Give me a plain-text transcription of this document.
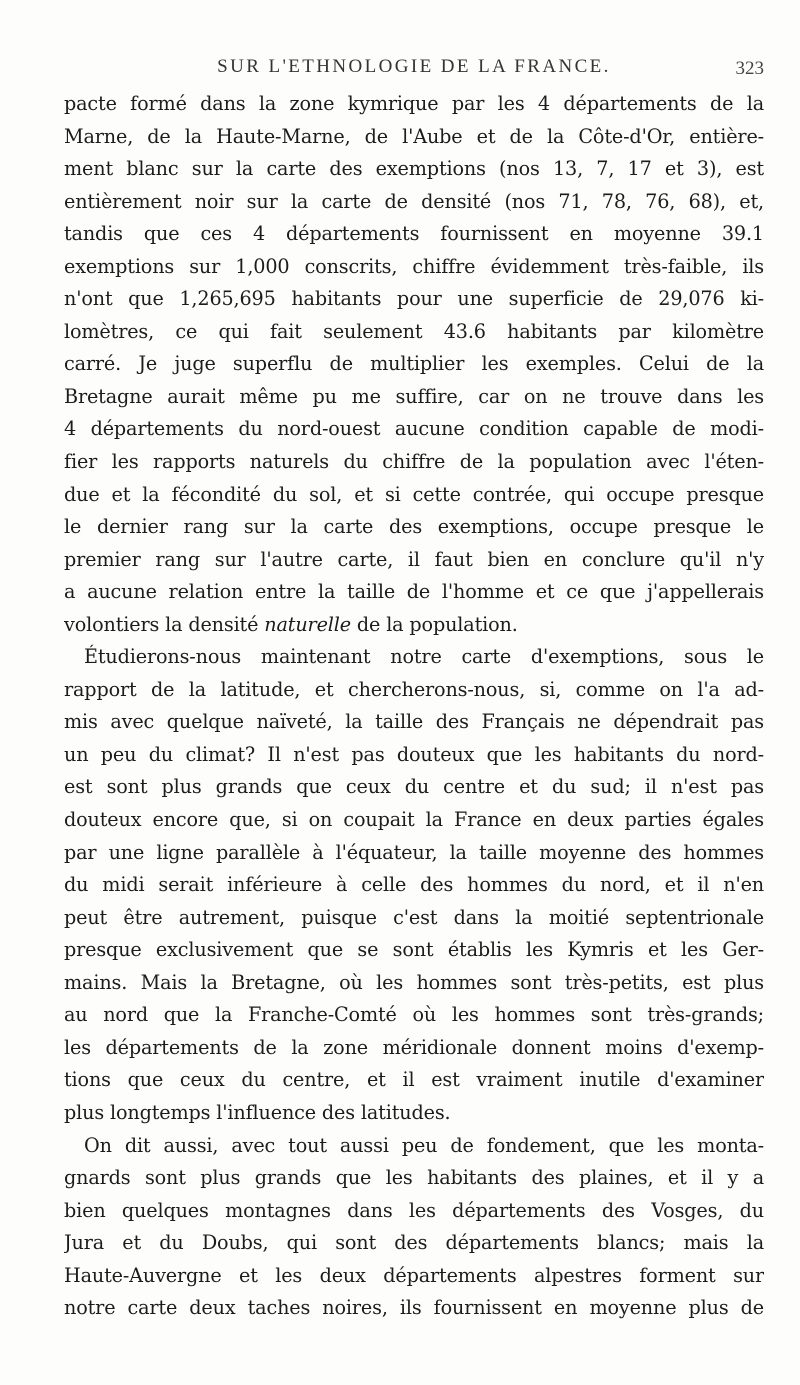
SUR L'ETHNOLOGIE DE LA FRANCE.	323
pacte formé dans la zone kymrique par les 4 départements de la
Marne, de la Haute-Marne, de l'Aube et de la Côte-d'Or, entière-
ment blanc sur la carte des exemptions (nos 13, 7, 17 et 3), est
entièrement noir sur la carte de densité (nos 71, 78, 76, 68), et,
tandis que ces 4 départements fournissent en moyenne 39.1
exemptions sur 1,000 conscrits, chiffre évidemment très-faible, ils
n'ont que 1,265,695 habitants pour une superficie de 29,076 ki-
lomètres, ce qui fait seulement 43.6 habitants par kilomètre
carré. Je juge superflu de multiplier les exemples. Celui de la
Bretagne aurait même pu me suffire, car on ne trouve dans les
4 départements du nord-ouest aucune condition capable de modi-
fier les rapports naturels du chiffre de la population avec l'éten-
due et la fécondité du sol, et si cette contrée, qui occupe presque
le dernier rang sur la carte des exemptions, occupe presque le
premier rang sur l'autre carte, il faut bien en conclure qu'il n'y
a aucune relation entre la taille de l'homme et ce que j'appellerais
volontiers la densité naturelle de la population.
Étudierons-nous maintenant notre carte d'exemptions, sous le
rapport de la latitude, et chercherons-nous, si, comme on l'a ad-
mis avec quelque naïveté, la taille des Français ne dépendrait pas
un peu du climat? Il n'est pas douteux que les habitants du nord-
est sont plus grands que ceux du centre et du sud; il n'est pas
douteux encore que, si on coupait la France en deux parties égales
par une ligne parallèle à l'équateur, la taille moyenne des hommes
du midi serait inférieure à celle des hommes du nord, et il n'en
peut être autrement, puisque c'est dans la moitié septentrionale
presque exclusivement que se sont établis les Kymris et les Ger-
mains. Mais la Bretagne, où les hommes sont très-petits, est plus
au nord que la Franche-Comté où les hommes sont très-grands;
les départements de la zone méridionale donnent moins d'exemp-
tions que ceux du centre, et il est vraiment inutile d'examiner
plus longtemps l'influence des latitudes.
On dit aussi, avec tout aussi peu de fondement, que les monta-
gnards sont plus grands que les habitants des plaines, et il y a
bien quelques montagnes dans les départements des Vosges, du
Jura et du Doubs, qui sont des départements blancs; mais la
Haute-Auvergne et les deux départements alpestres forment sur
notre carte deux taches noires, ils fournissent en moyenne plus de
